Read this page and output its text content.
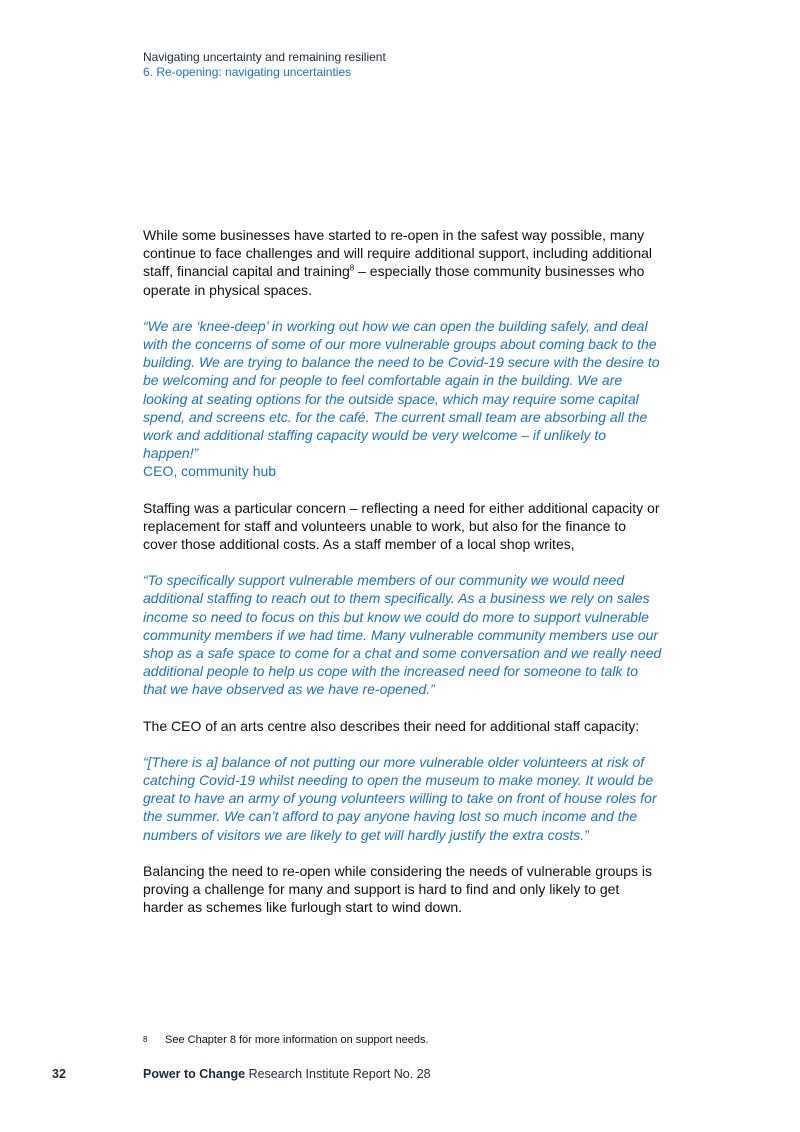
Navigating uncertainty and remaining resilient
6. Re-opening: navigating uncertainties

While some businesses have started to re-open in the safest way possible, many continue to face challenges and will require additional support, including additional staff, financial capital and training$^8$ – especially those community businesses who operate in physical spaces.

“We are ‘knee-deep’ in working out how we can open the building safely, and deal with the concerns of some of our more vulnerable groups about coming back to the building. We are trying to balance the need to be Covid-19 secure with the desire to be welcoming and for people to feel comfortable again in the building. We are looking at seating options for the outside space, which may require some capital spend, and screens etc. for the café. The current small team are absorbing all the work and additional staffing capacity would be very welcome – if unlikely to happen!”
CEO, community hub

Staffing was a particular concern – reflecting a need for either additional capacity or replacement for staff and volunteers unable to work, but also for the finance to cover those additional costs. As a staff member of a local shop writes,

“To specifically support vulnerable members of our community we would need additional staffing to reach out to them specifically. As a business we rely on sales income so need to focus on this but know we could do more to support vulnerable community members if we had time. Many vulnerable community members use our shop as a safe space to come for a chat and some conversation and we really need additional people to help us cope with the increased need for someone to talk to that we have observed as we have re-opened.”

The CEO of an arts centre also describes their need for additional staff capacity:

“[There is a] balance of not putting our more vulnerable older volunteers at risk of catching Covid-19 whilst needing to open the museum to make money. It would be great to have an army of young volunteers willing to take on front of house roles for the summer. We can’t afford to pay anyone having lost so much income and the numbers of visitors we are likely to get will hardly justify the extra costs.”

Balancing the need to re-open while considering the needs of vulnerable groups is proving a challenge for many and support is hard to find and only likely to get harder as schemes like furlough start to wind down.

8 See Chapter 8 for more information on support needs.
32	Power to Change Research Institute Report No. 28
